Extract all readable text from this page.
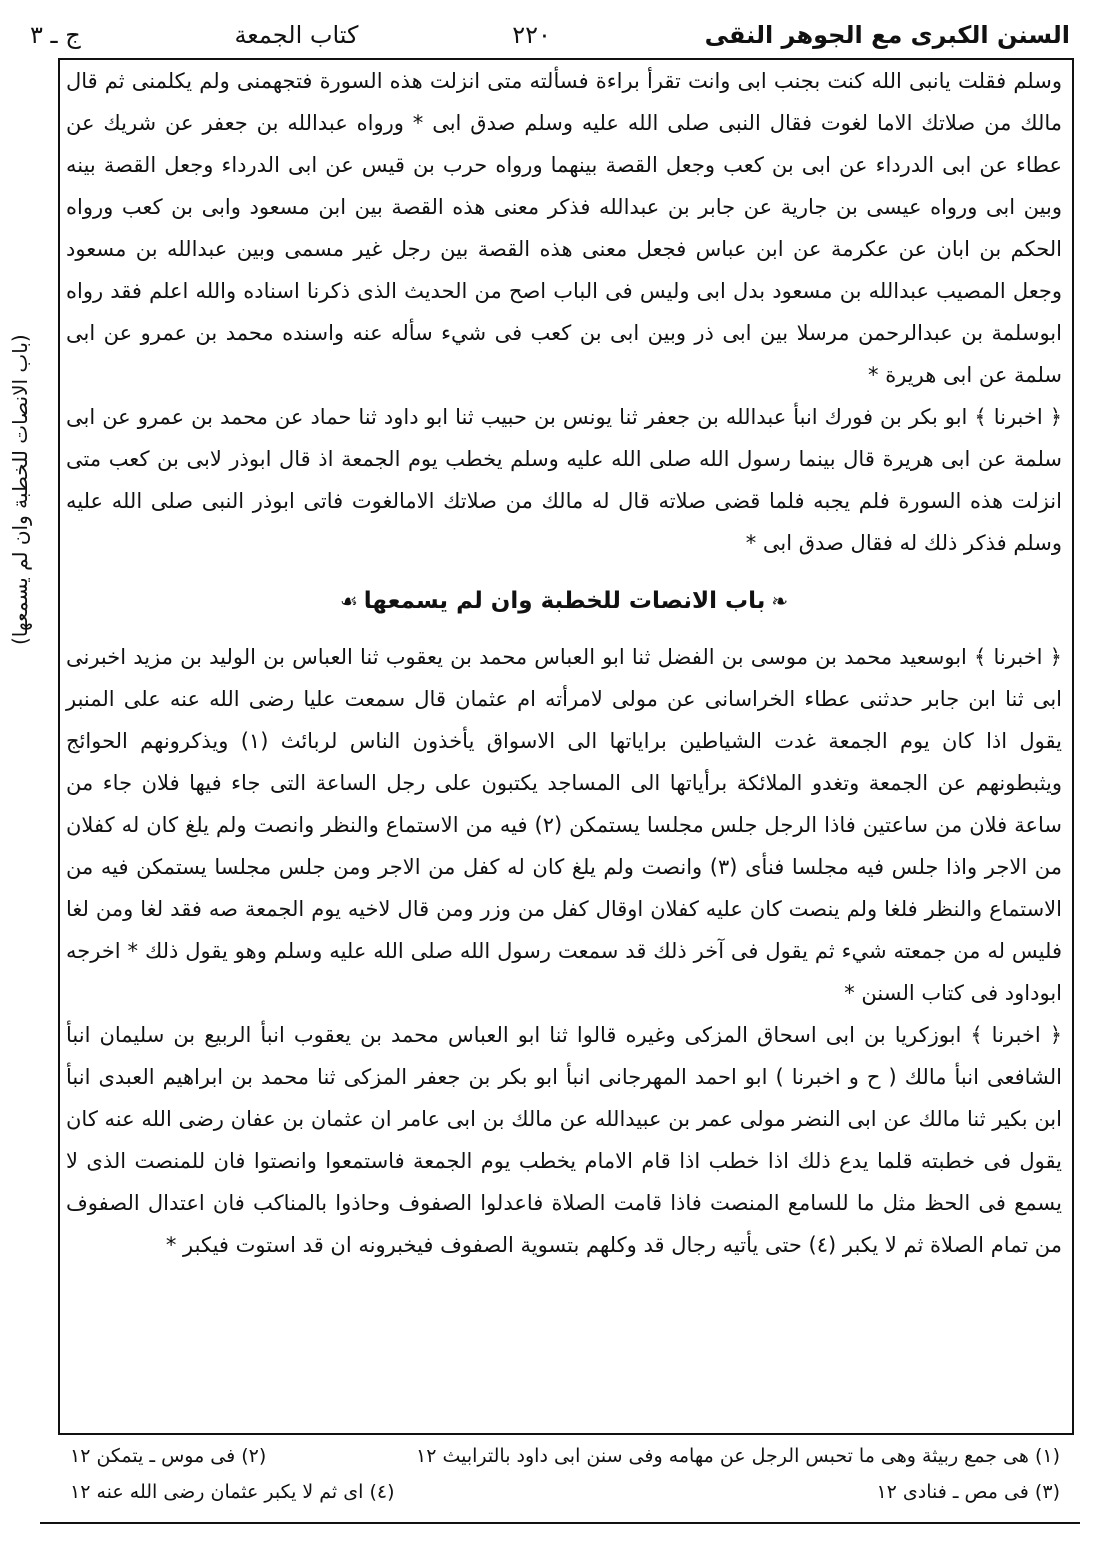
السنن الكبرى مع الجوهر النقى
٢٢٠
كتاب الجمعة
ج ـ ٣
(باب الانصات للخطبة وان لم يسمعها)

وسلم فقلت يانبى الله كنت بجنب ابى وانت تقرأ براءة فسألته متى انزلت هذه السورة فتجهمنى ولم يكلمنى ثم قال مالك من صلاتك الاما لغوت فقال النبى صلى الله عليه وسلم صدق ابى * ورواه عبدالله بن جعفر عن شريك عن عطاء عن ابى الدرداء عن ابى بن كعب وجعل القصة بينهما ورواه حرب بن قيس عن ابى الدرداء وجعل القصة بينه وبين ابى ورواه عيسى بن جارية عن جابر بن عبدالله فذكر معنى هذه القصة بين ابن مسعود وابى بن كعب ورواه الحكم بن ابان عن عكرمة عن ابن عباس فجعل معنى هذه القصة بين رجل غير مسمى وبين عبدالله بن مسعود وجعل المصيب عبدالله بن مسعود بدل ابى ولیس فى الباب اصح من الحديث الذى ذكرنا اسناده والله اعلم فقد رواه ابوسلمة بن عبدالرحمن مرسلا بين ابى ذر وبين ابى بن كعب فى شيء سأله عنه واسنده محمد بن عمرو عن ابى سلمة عن ابى هريرة *

﴿ اخبرنا ﴾ ابو بكر بن فورك انبأ عبدالله بن جعفر ثنا يونس بن حبيب ثنا ابو داود ثنا حماد عن محمد بن عمرو عن ابى سلمة عن ابى هريرة قال بينما رسول الله صلى الله عليه وسلم يخطب يوم الجمعة اذ قال ابوذر لابى بن كعب متى انزلت هذه السورة فلم يجبه فلما قضى صلاته قال له مالك من صلاتك الامالغوت فاتى ابوذر النبى صلى الله عليه وسلم فذكر ذلك له فقال صدق ابى *

❧باب الانصات للخطبة وان لم يسمعها☙

﴿ اخبرنا ﴾ ابوسعيد محمد بن موسى بن الفضل ثنا ابو العباس محمد بن يعقوب ثنا العباس بن الوليد بن مزيد اخبرنى ابى ثنا ابن جابر حدثنى عطاء الخراسانى عن مولى لامرأته ام عثمان قال سمعت عليا رضى الله عنه على المنبر يقول اذا كان يوم الجمعة غدت الشياطين براياتها الى الاسواق يأخذون الناس لربائث (١) ويذكرونهم الحوائج ويثبطونهم عن الجمعة وتغدو الملائكة برأياتها الى المساجد يكتبون على رجل الساعة التى جاء فيها فلان جاء من ساعة فلان من ساعتين فاذا الرجل جلس مجلسا يستمكن (٢) فيه من الاستماع والنظر وانصت ولم يلغ كان له كفلان من الاجر واذا جلس فيه مجلسا فنأى (٣) وانصت ولم يلغ كان له كفل من الاجر ومن جلس مجلسا يستمكن فيه من الاستماع والنظر فلغا ولم ينصت كان عليه كفلان اوقال كفل من وزر ومن قال لاخيه يوم الجمعة صه فقد لغا ومن لغا فليس له من جمعته شيء ثم يقول فى آخر ذلك قد سمعت رسول الله صلى الله عليه وسلم وهو يقول ذلك * اخرجه ابوداود فى كتاب السنن *

﴿ اخبرنا ﴾ ابوزكريا بن ابى اسحاق المزكى وغيره قالوا ثنا ابو العباس محمد بن يعقوب انبأ الربيع بن سليمان انبأ الشافعى انبأ مالك ( ح و اخبرنا ) ابو احمد المهرجانى انبأ ابو بكر بن جعفر المزكى ثنا محمد بن ابراهيم العبدى انبأ ابن بكير ثنا مالك عن ابى النضر مولى عمر بن عبيدالله عن مالك بن ابى عامر ان عثمان بن عفان رضى الله عنه كان يقول فى خطبته قلما يدع ذلك اذا خطب اذا قام الامام يخطب يوم الجمعة فاستمعوا وانصتوا فان للمنصت الذى لا يسمع فى الحظ مثل ما للسامع المنصت فاذا قامت الصلاة فاعدلوا الصفوف وحاذوا بالمناكب فان اعتدال الصفوف من تمام الصلاة ثم لا يكبر (٤) حتى يأتيه رجال قد وكلهم بتسوية الصفوف فيخبرونه ان قد استوت فيكبر *

(١) هى جمع ربيثة وهى ما تحبس الرجل عن مهامه وفى سنن ابى داود بالترابيث ١٢
(٢) فى موس ـ يتمكن ١٢
(٣) فى مص ـ فنادى ١٢
(٤) اى ثم لا يكبر عثمان رضى الله عنه ١٢
